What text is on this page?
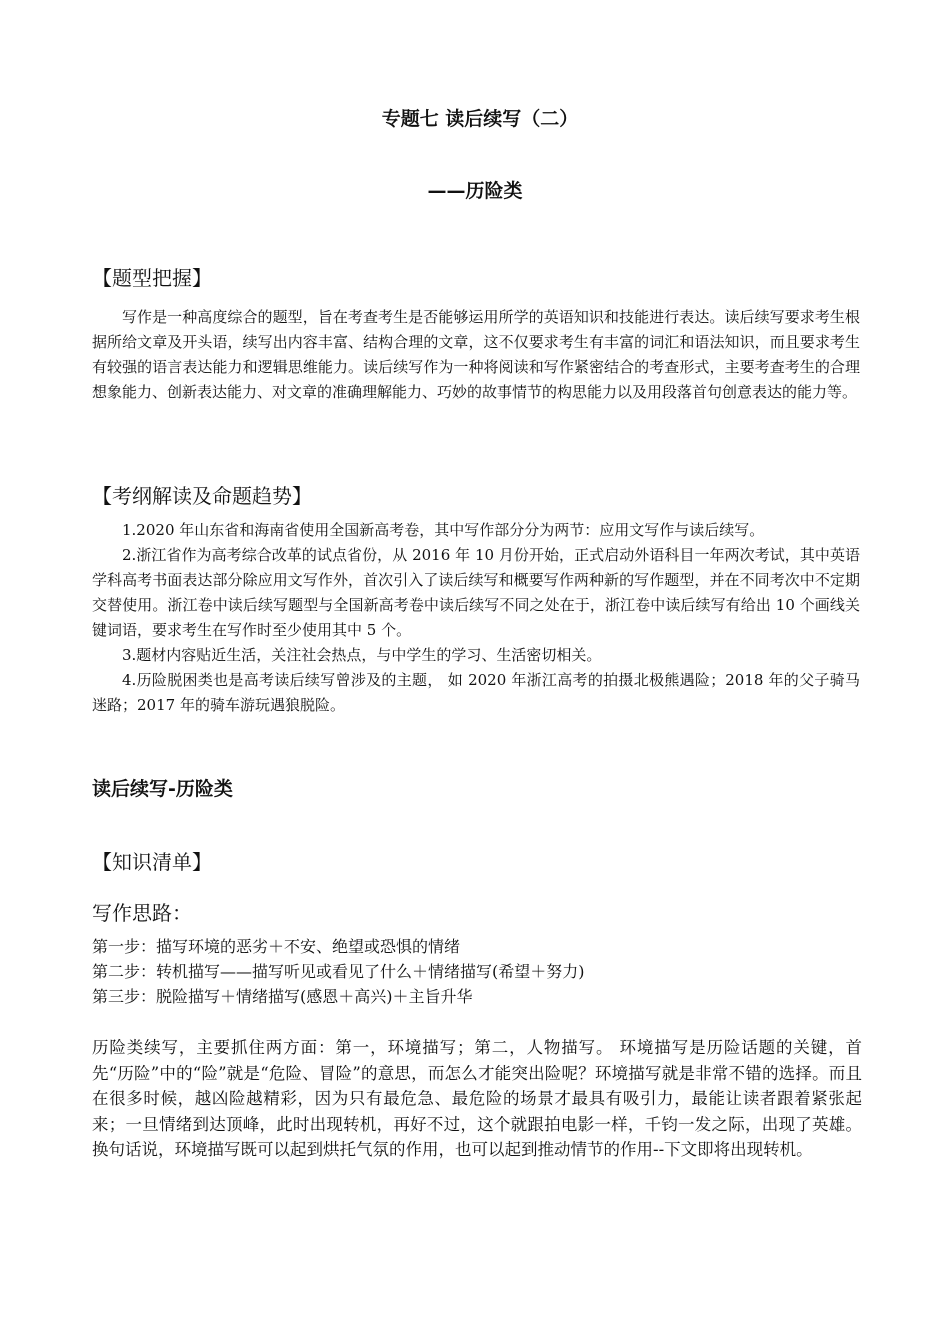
专题七 读后续写（二）
——历险类
【题型把握】

写作是一种高度综合的题型，旨在考查考生是否能够运用所学的英语知识和技能进行表达。读后续写要求考生根据所给文章及开头语，续写出内容丰富、结构合理的文章，这不仅要求考生有丰富的词汇和语法知识，而且要求考生有较强的语言表达能力和逻辑思维能力。读后续写作为一种将阅读和写作紧密结合的考查形式，主要考查考生的合理想象能力、创新表达能力、对文章的准确理解能力、巧妙的故事情节的构思能力以及用段落首句创意表达的能力等。

【考纲解读及命题趋势】

1.2020 年山东省和海南省使用全国新高考卷，其中写作部分分为两节：应用文写作与读后续写。

2.浙江省作为高考综合改革的试点省份，从 2016 年 10 月份开始，正式启动外语科目一年两次考试，其中英语学科高考书面表达部分除应用文写作外，首次引入了读后续写和概要写作两种新的写作题型，并在不同考次中不定期交替使用。浙江卷中读后续写题型与全国新高考卷中读后续写不同之处在于，浙江卷中读后续写有给出 10 个画线关键词语，要求考生在写作时至少使用其中 5 个。

3.题材内容贴近生活，关注社会热点，与中学生的学习、生活密切相关。

4.历险脱困类也是高考读后续写曾涉及的主题， 如 2020 年浙江高考的拍摄北极熊遇险；2018 年的父子骑马迷路；2017 年的骑车游玩遇狼脱险。

读后续写-历险类
【知识清单】
写作思路：
第一步：描写环境的恶劣＋不安、绝望或恐惧的情绪
第二步：转机描写——描写听见或看见了什么＋情绪描写(希望＋努力)
第三步：脱险描写＋情绪描写(感恩＋高兴)＋主旨升华

历险类续写，主要抓住两方面：第一，环境描写；第二，人物描写。 环境描写是历险话题的关键，首先“历险”中的“险”就是“危险、冒险”的意思，而怎么才能突出险呢？环境描写就是非常不错的选择。而且在很多时候，越凶险越精彩，因为只有最危急、最危险的场景才最具有吸引力，最能让读者跟着紧张起来；一旦情绪到达顶峰，此时出现转机，再好不过，这个就跟拍电影一样，千钧一发之际，出现了英雄。 换句话说，环境描写既可以起到烘托气氛的作用，也可以起到推动情节的作用--下文即将出现转机。
